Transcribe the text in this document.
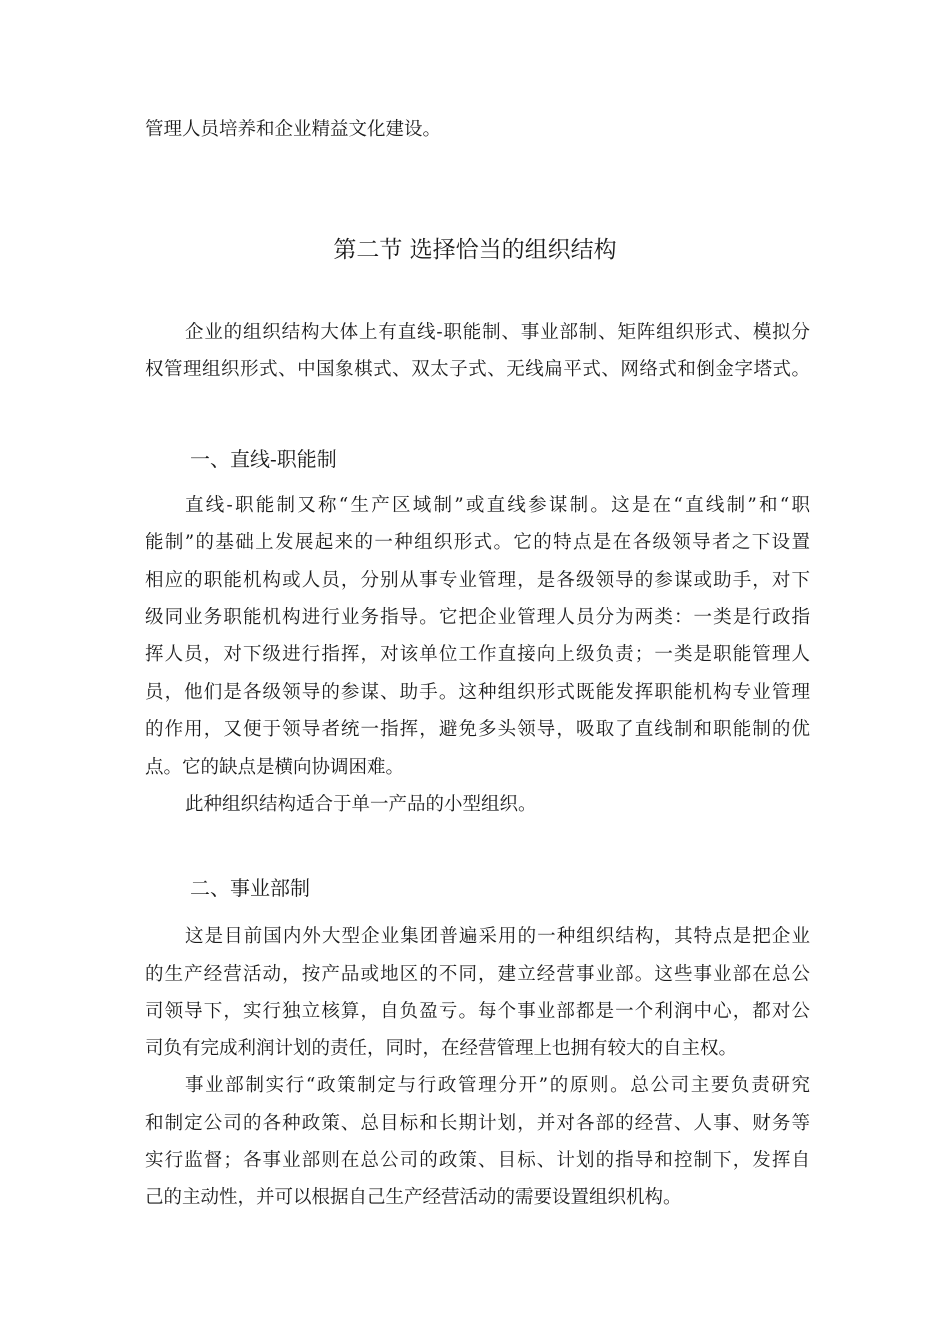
管理人员培养和企业精益文化建设。
第二节 选择恰当的组织结构
企业的组织结构大体上有直线-职能制、事业部制、矩阵组织形式、模拟分
权管理组织形式、中国象棋式、双太子式、无线扁平式、网络式和倒金字塔式。
一、直线-职能制
直线-职能制又称“生产区域制”或直线参谋制。这是在“直线制”和“职
能制”的基础上发展起来的一种组织形式。它的特点是在各级领导者之下设置
相应的职能机构或人员，分别从事专业管理，是各级领导的参谋或助手，对下
级同业务职能机构进行业务指导。它把企业管理人员分为两类：一类是行政指
挥人员，对下级进行指挥，对该单位工作直接向上级负责；一类是职能管理人
员，他们是各级领导的参谋、助手。这种组织形式既能发挥职能机构专业管理
的作用，又便于领导者统一指挥，避免多头领导，吸取了直线制和职能制的优
点。它的缺点是横向协调困难。
此种组织结构适合于单一产品的小型组织。
二、事业部制
这是目前国内外大型企业集团普遍采用的一种组织结构，其特点是把企业
的生产经营活动，按产品或地区的不同，建立经营事业部。这些事业部在总公
司领导下，实行独立核算，自负盈亏。每个事业部都是一个利润中心，都对公
司负有完成利润计划的责任，同时，在经营管理上也拥有较大的自主权。
事业部制实行“政策制定与行政管理分开”的原则。总公司主要负责研究
和制定公司的各种政策、总目标和长期计划，并对各部的经营、人事、财务等
实行监督；各事业部则在总公司的政策、目标、计划的指导和控制下，发挥自
己的主动性，并可以根据自己生产经营活动的需要设置组织机构。
